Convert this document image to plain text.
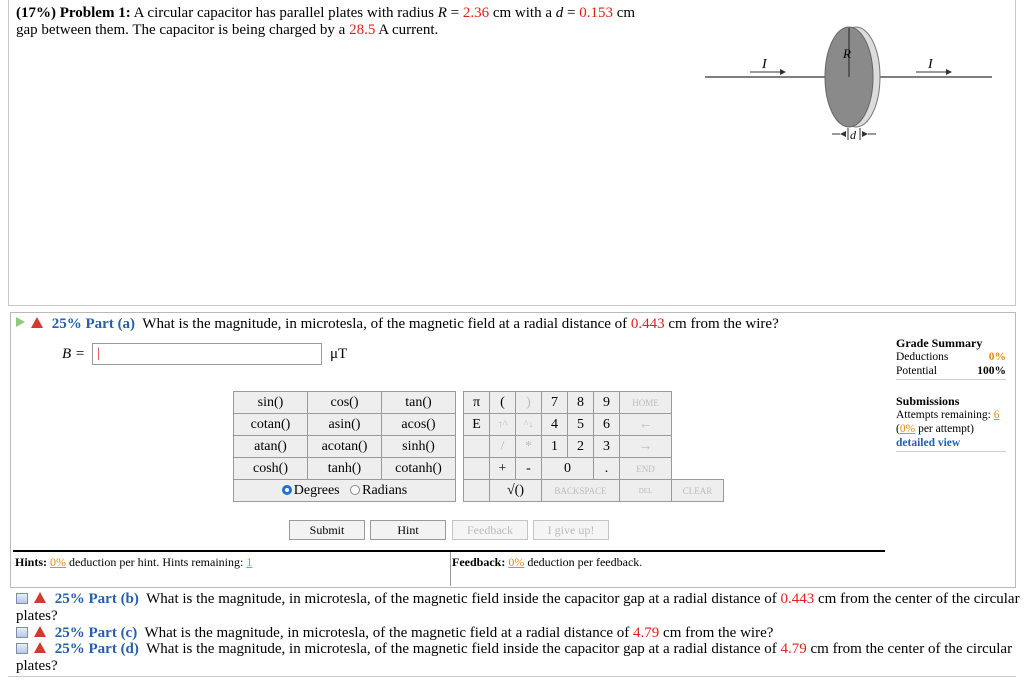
(17%) Problem 1: A circular capacitor has parallel plates with radius R = 2.36 cm with a d = 0.153 cm
gap between them. The capacitor is being charged by a 28.5 A current.
I	I
R
d
25% Part (a) What is the magnitude, in microtesla, of the magnetic field at a radial distance of 0.443 cm from the wire?
B = |	μT
sin()	cos()	tan()		π	(	)	7	8	9	HOME	
cotan()	asin()	acos()		E	↑^	^↓	4	5	6	←	
atan()	acotan()	sinh()			/	*	1	2	3	→	
cosh()	tanh()	cotanh()			+	-	0		.	END	
Degrees Radians					√()		BACKSPACE			DEL	CLEAR
Submit	Hint	Feedback	I give up!
Hints: 0% deduction per hint. Hints remaining: 1	Feedback: 0% deduction per feedback.
Grade Summary
Deductions	0%
Potential	100%
Submissions
Attempts remaining: 6
(0% per attempt)
detailed view
25% Part (b) What is the magnitude, in microtesla, of the magnetic field inside the capacitor gap at a radial distance of 0.443 cm from the center of the circular
plates?
25% Part (c) What is the magnitude, in microtesla, of the magnetic field at a radial distance of 4.79 cm from the wire?
25% Part (d) What is the magnitude, in microtesla, of the magnetic field inside the capacitor gap at a radial distance of 4.79 cm from the center of the circular
plates?
